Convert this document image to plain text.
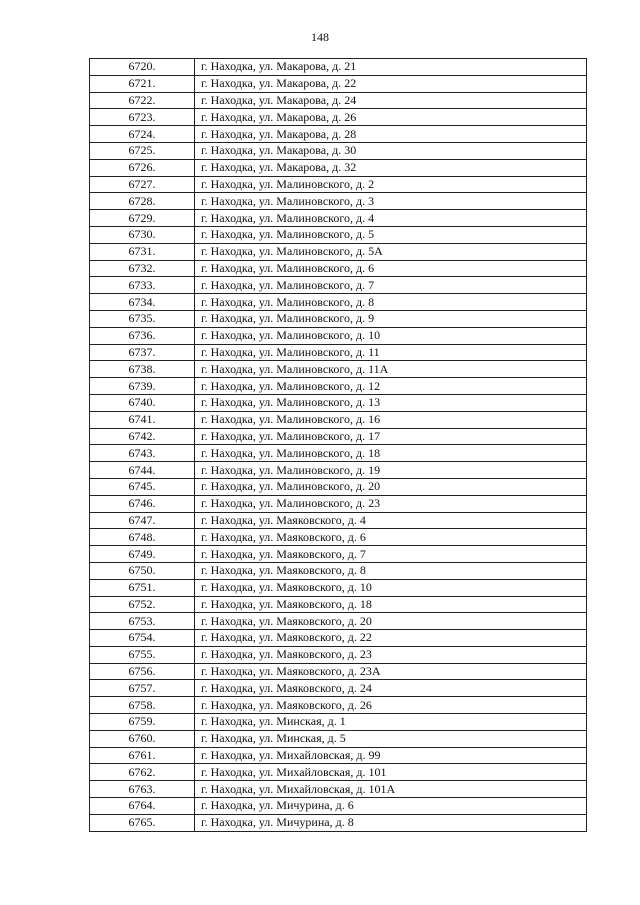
148
6720.	г. Находка, ул. Макарова, д. 21
6721.	г. Находка, ул. Макарова, д. 22
6722.	г. Находка, ул. Макарова, д. 24
6723.	г. Находка, ул. Макарова, д. 26
6724.	г. Находка, ул. Макарова, д. 28
6725.	г. Находка, ул. Макарова, д. 30
6726.	г. Находка, ул. Макарова, д. 32
6727.	г. Находка, ул. Малиновского, д. 2
6728.	г. Находка, ул. Малиновского, д. 3
6729.	г. Находка, ул. Малиновского, д. 4
6730.	г. Находка, ул. Малиновского, д. 5
6731.	г. Находка, ул. Малиновского, д. 5А
6732.	г. Находка, ул. Малиновского, д. 6
6733.	г. Находка, ул. Малиновского, д. 7
6734.	г. Находка, ул. Малиновского, д. 8
6735.	г. Находка, ул. Малиновского, д. 9
6736.	г. Находка, ул. Малиновского, д. 10
6737.	г. Находка, ул. Малиновского, д. 11
6738.	г. Находка, ул. Малиновского, д. 11А
6739.	г. Находка, ул. Малиновского, д. 12
6740.	г. Находка, ул. Малиновского, д. 13
6741.	г. Находка, ул. Малиновского, д. 16
6742.	г. Находка, ул. Малиновского, д. 17
6743.	г. Находка, ул. Малиновского, д. 18
6744.	г. Находка, ул. Малиновского, д. 19
6745.	г. Находка, ул. Малиновского, д. 20
6746.	г. Находка, ул. Малиновского, д. 23
6747.	г. Находка, ул. Маяковского, д. 4
6748.	г. Находка, ул. Маяковского, д. 6
6749.	г. Находка, ул. Маяковского, д. 7
6750.	г. Находка, ул. Маяковского, д. 8
6751.	г. Находка, ул. Маяковского, д. 10
6752.	г. Находка, ул. Маяковского, д. 18
6753.	г. Находка, ул. Маяковского, д. 20
6754.	г. Находка, ул. Маяковского, д. 22
6755.	г. Находка, ул. Маяковского, д. 23
6756.	г. Находка, ул. Маяковского, д. 23А
6757.	г. Находка, ул. Маяковского, д. 24
6758.	г. Находка, ул. Маяковского, д. 26
6759.	г. Находка, ул. Минская, д. 1
6760.	г. Находка, ул. Минская, д. 5
6761.	г. Находка, ул. Михайловская, д. 99
6762.	г. Находка, ул. Михайловская, д. 101
6763.	г. Находка, ул. Михайловская, д. 101А
6764.	г. Находка, ул. Мичурина, д. 6
6765.	г. Находка, ул. Мичурина, д. 8
